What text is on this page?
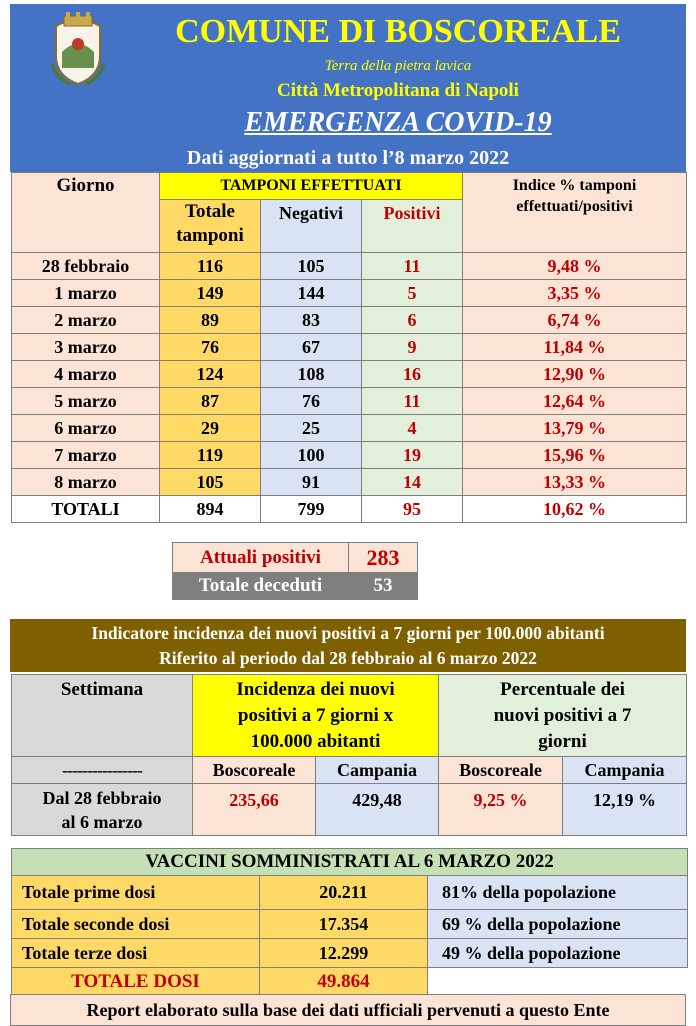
COMUNE DI BOSCOREALE
Terra della pietra lavica
Città Metropolitana di Napoli
EMERGENZA COVID-19
Dati aggiornati a tutto l’8 marzo 2022
Giorno	TAMPONI EFFETTUATI			Indice % tamponi effettuati/positivi
	Totale tamponi	Negativi	Positivi	
28 febbraio	116	105	11	9,48 %
1 marzo	149	144	5	3,35 %
2 marzo	89	83	6	6,74 %
3 marzo	76	67	9	11,84 %
4 marzo	124	108	16	12,90 %
5 marzo	87	76	11	12,64 %
6 marzo	29	25	4	13,79 %
7 marzo	119	100	19	15,96 %
8 marzo	105	91	14	13,33 %
TOTALI	894	799	95	10,62 %
Attuali positivi	283
Totale deceduti	53
Indicatore incidenza dei nuovi positivi a 7 giorni per 100.000 abitanti
Riferito al periodo dal 28 febbraio al 6 marzo 2022
Settimana	Incidenza dei nuovi positivi a 7 giorni x 100.000 abitanti		Percentuale dei nuovi positivi a 7 giorni	
----------------	Boscoreale	Campania	Boscoreale	Campania

Dal 28 febbraio
al 6 marzo	235,66	429,48	9,25 %	12,19 %
VACCINI SOMMINISTRATI AL 6 MARZO 2022		
Totale prime dosi	20.211	81% della popolazione
Totale seconde dosi	17.354	69 % della popolazione
Totale terze dosi	12.299	49 % della popolazione
TOTALE DOSI	49.864	
Report elaborato sulla base dei dati ufficiali pervenuti a questo Ente
